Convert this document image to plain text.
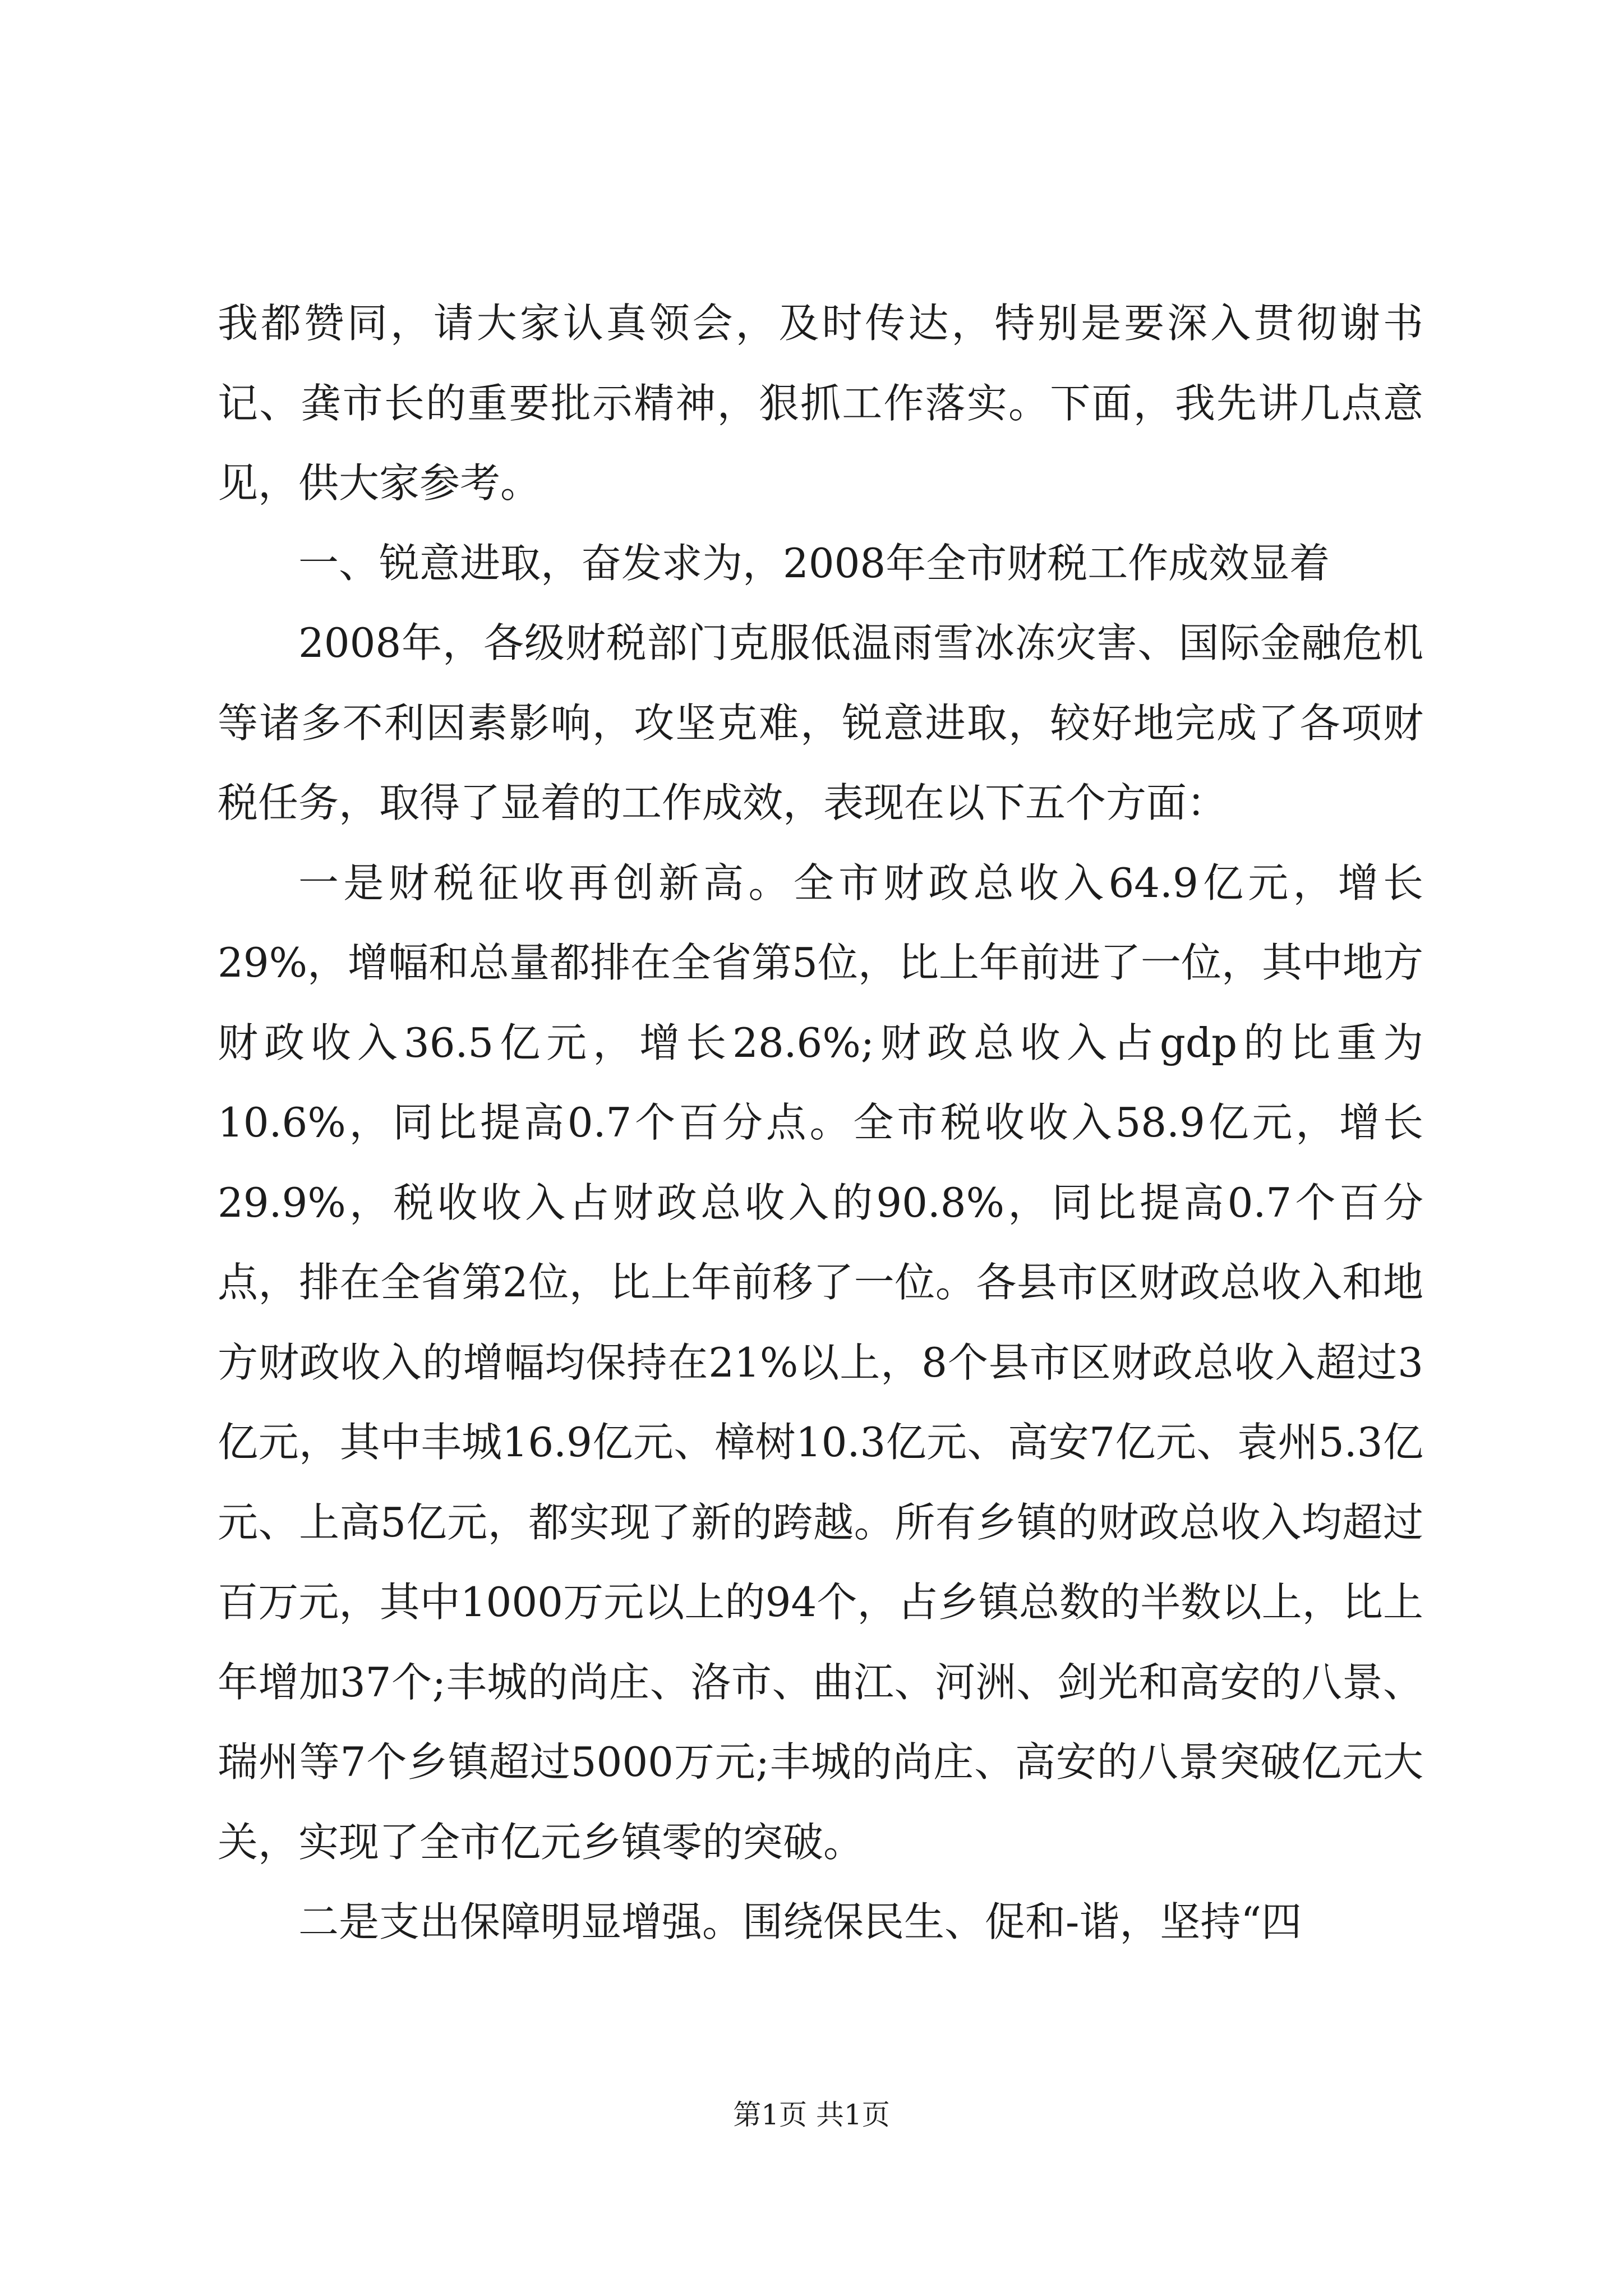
我都赞同，请大家认真领会，及时传达，特别是要深入贯彻谢书记、龚市长的重要批示精神，狠抓工作落实。下面，我先讲几点意见，供大家参考。

一、锐意进取，奋发求为，2008年全市财税工作成效显着

2008年，各级财税部门克服低温雨雪冰冻灾害、国际金融危机等诸多不利因素影响，攻坚克难，锐意进取，较好地完成了各项财税任务，取得了显着的工作成效，表现在以下五个方面：

一是财税征收再创新高。全市财政总收入64.9亿元，增长29%，增幅和总量都排在全省第5位，比上年前进了一位，其中地方财政收入36.5亿元，增长28.6%;财政总收入占gdp的比重为10.6%，同比提高0.7个百分点。全市税收收入58.9亿元，增长29.9%，税收收入占财政总收入的90.8%，同比提高0.7个百分点，排在全省第2位，比上年前移了一位。各县市区财政总收入和地方财政收入的增幅均保持在21%以上，8个县市区财政总收入超过3亿元，其中丰城16.9亿元、樟树10.3亿元、高安7亿元、袁州5.3亿元、上高5亿元，都实现了新的跨越。所有乡镇的财政总收入均超过百万元，其中1000万元以上的94个，占乡镇总数的半数以上，比上年增加37个;丰城的尚庄、洛市、曲江、河洲、剑光和高安的八景、瑞州等7个乡镇超过5000万元;丰城的尚庄、高安的八景突破亿元大关，实现了全市亿元乡镇零的突破。

二是支出保障明显增强。围绕保民生、促和-谐，坚持“四

第1页 共1页
